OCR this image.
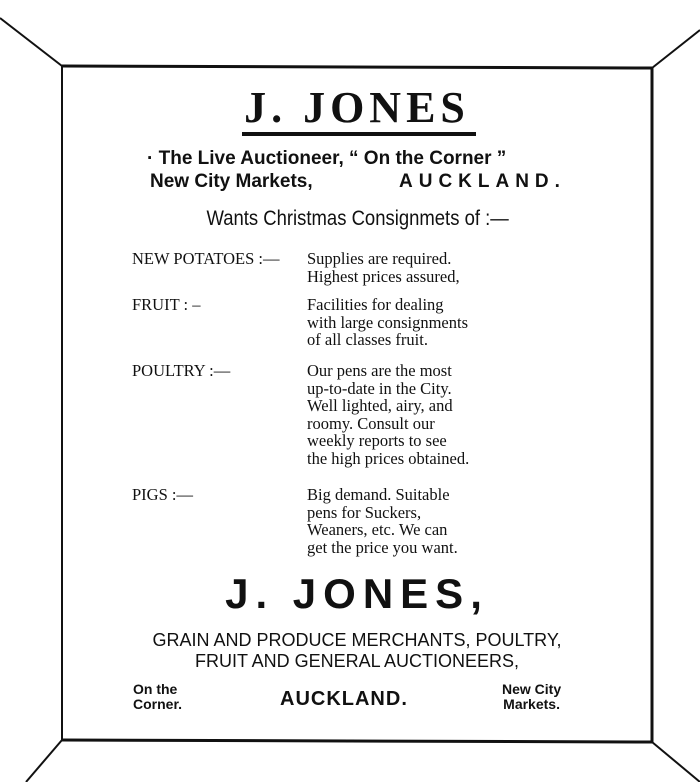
J. JONES
· The Live Auctioneer, “ On the Corner ”
New City Markets,	AUCKLAND.
Wants Christmas Consignmets of :—
NEW POTATOES :— Supplies are required.
Highest prices assured,
FRUIT : –	Facilities for dealing
with large consignments
of all classes fruit.
POULTRY :—	Our pens are the most
up-to-date in the City.
Well lighted, airy, and
roomy. Consult our
weekly reports to see
the high prices obtained.
PIGS :—	Big demand. Suitable
pens for Suckers,
Weaners, etc. We can
get the price you want.
J. JONES,
GRAIN AND PRODUCE MERCHANTS, POULTRY,
FRUIT AND GENERAL AUCTIONEERS,
On the
Corner.	AUCKLAND.	New City
Markets.
